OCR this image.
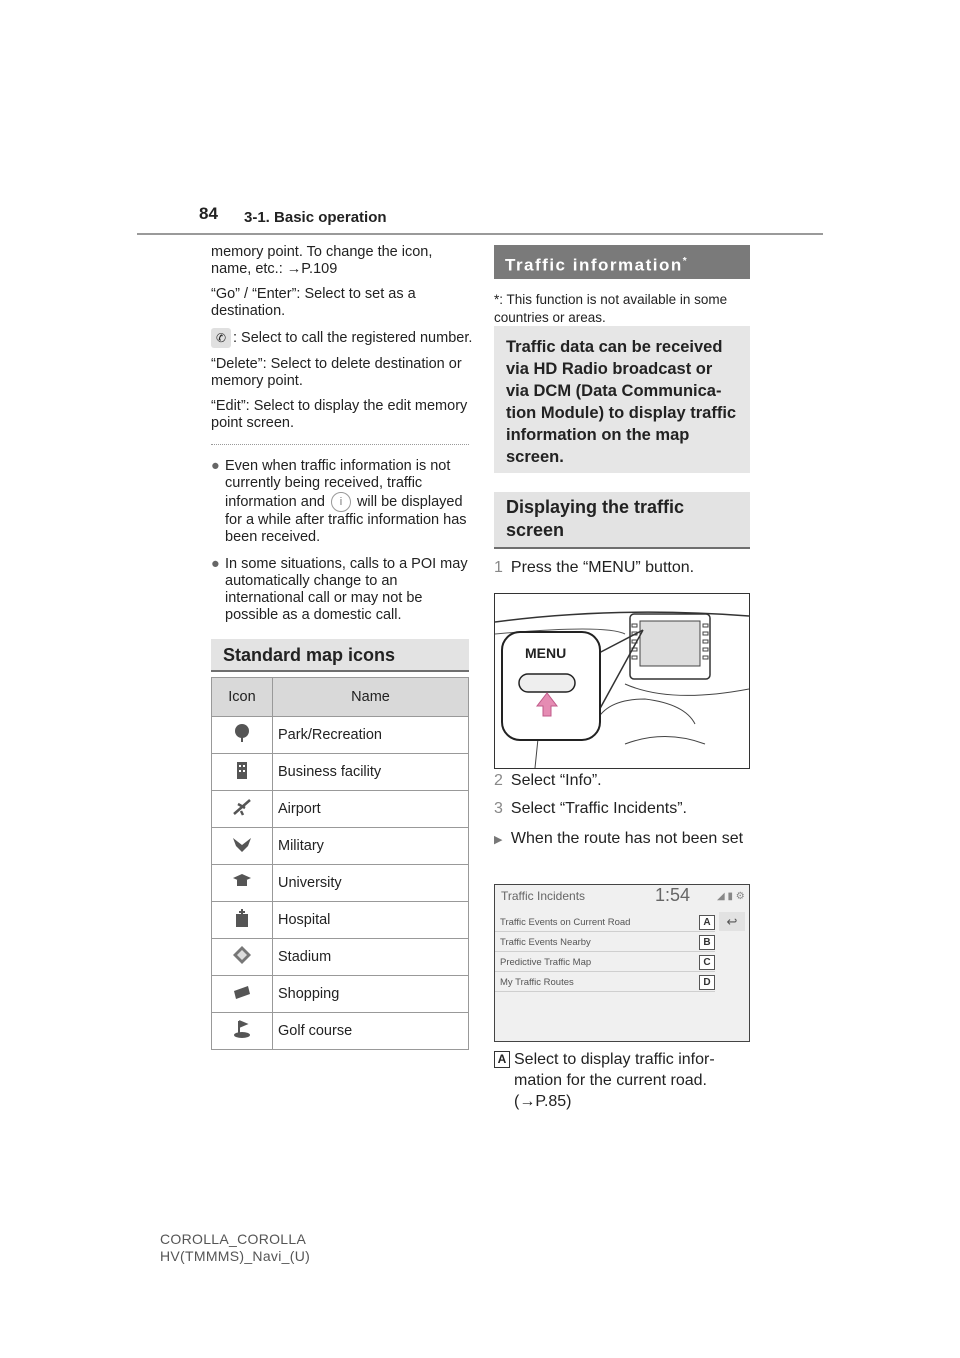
84 3-1. Basic operation

memory point. To change the icon, name, etc.: →P.109

“Go” / “Enter”: Select to set as a destination.

✆ : Select to call the registered number.

“Delete”: Select to delete destination or memory point.

“Edit”: Select to display the edit memory point screen.

● Even when traffic information is not currently being received, traffic information and i will be displayed for a while after traffic information has been received.
● In some situations, calls to a POI may automatically change to an international call or may not be possible as a domestic call.
Standard map icons
Icon	Name
	Park/Recreation
	Business facility
	Airport
	Military
	University
	Hospital
	Stadium
	Shopping
	Golf course
Traffic information*
*: This function is not available in some countries or areas.
Traffic data can be received via HD Radio broadcast or via DCM (Data Communication Module) to display traffic information on the map screen.
Displaying the traffic screen
1 Press the “MENU” button.
MENU
2 Select “Info”.
3 Select “Traffic Incidents”.
▶ When the route has not been set
Traffic Incidents	1:54	◢ ▮ ⚙
Traffic Events on Current Road	A
Traffic Events Nearby	B
Predictive Traffic Map	C
My Traffic Routes	D
↩
A Select to display traffic information for the current road.
(→P.85)
COROLLA_COROLLA
HV(TMMMS)_Navi_(U)
